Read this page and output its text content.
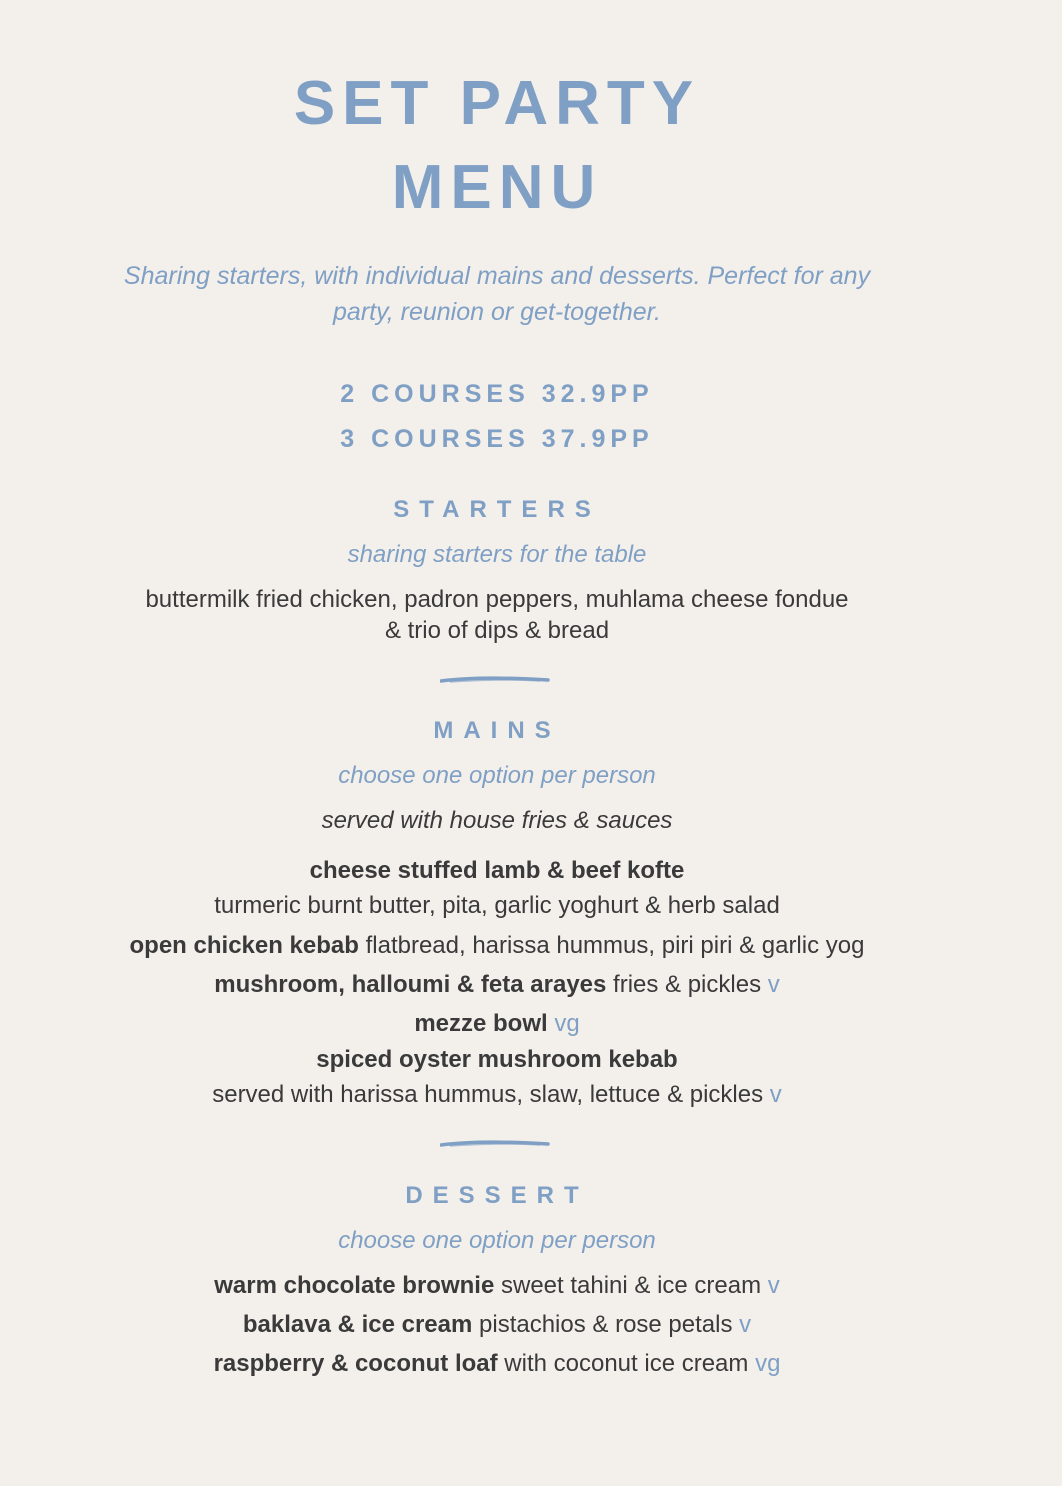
SET PARTY
MENU
Sharing starters, with individual mains and desserts. Perfect for any party, reunion or get-together.
2 COURSES 32.9PP
3 COURSES 37.9PP
STARTERS
sharing starters for the table
buttermilk fried chicken, padron peppers, muhlama cheese fondue
& trio of dips & bread
MAINS
choose one option per person
served with house fries & sauces
cheese stuffed lamb & beef kofte
turmeric burnt butter, pita, garlic yoghurt & herb salad
open chicken kebab flatbread, harissa hummus, piri piri & garlic yog
mushroom, halloumi & feta arayes fries & pickles v
mezze bowl vg
spiced oyster mushroom kebab
served with harissa hummus, slaw, lettuce & pickles v
DESSERT
choose one option per person
warm chocolate brownie sweet tahini & ice cream v
baklava & ice cream pistachios & rose petals v
raspberry & coconut loaf with coconut ice cream vg
